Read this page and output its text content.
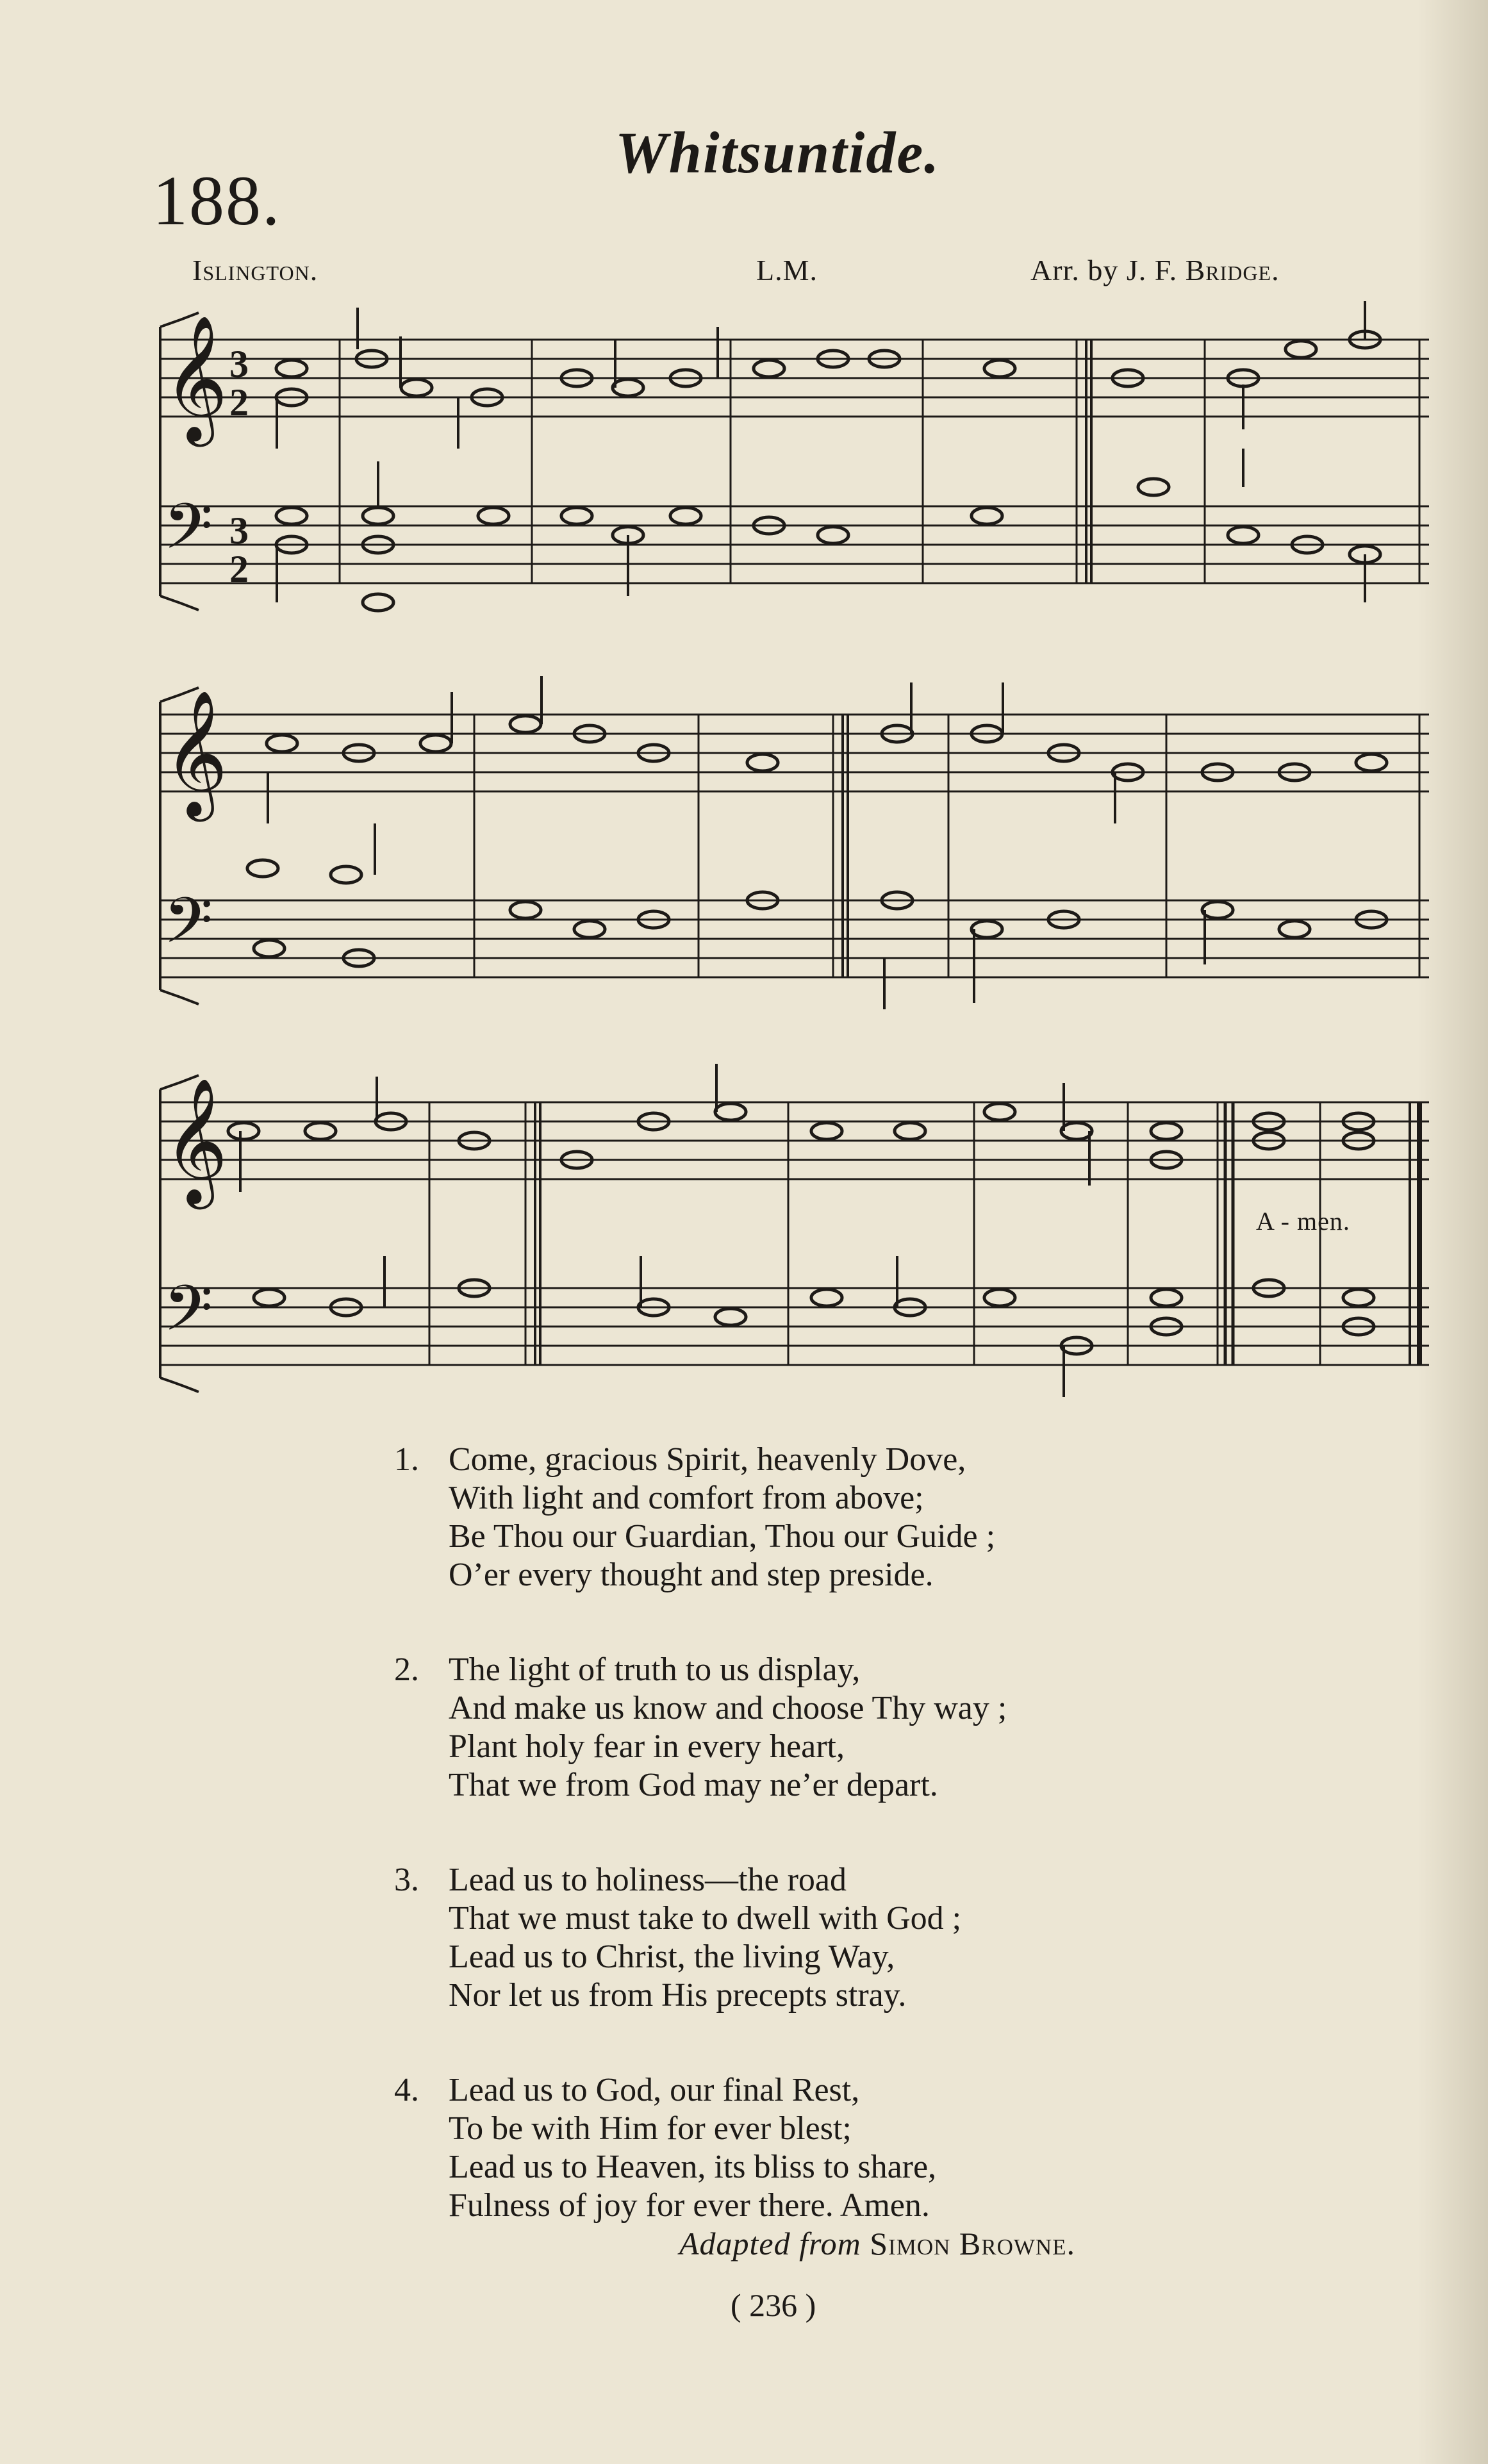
188.
Whitsuntide.
Islington.	L.M.	Arr. by J. F. Bridge.
𝄞
𝄢
3
2
3
2
𝄞
𝄢
𝄞
𝄢
A - men.
1. Come, gracious Spirit, heavenly Dove,
With light and comfort from above;
Be Thou our Guardian, Thou our Guide ;
O’er every thought and step preside.
2. The light of truth to us display,
And make us know and choose Thy way ;
Plant holy fear in every heart,
That we from God may ne’er depart.
3. Lead us to holiness—the road
That we must take to dwell with God ;
Lead us to Christ, the living Way,
Nor let us from His precepts stray.
4. Lead us to God, our final Rest,
To be with Him for ever blest;
Lead us to Heaven, its bliss to share,
Fulness of joy for ever there. Amen.
Adapted from Simon Browne.
( 236 )
